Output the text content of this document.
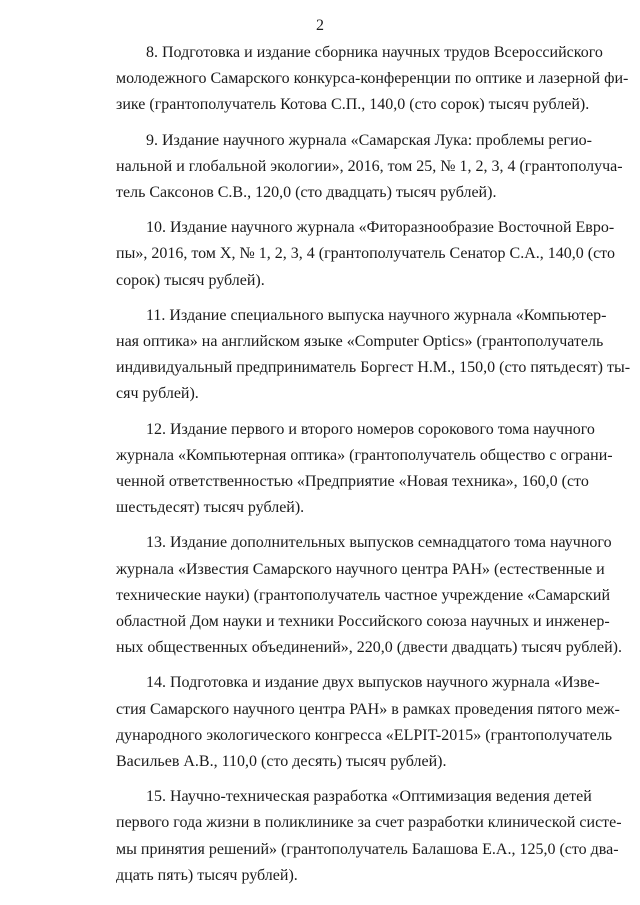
2
8. Подготовка и издание сборника научных трудов Всероссийского
молодежного Самарского конкурса-конференции по оптике и лазерной фи-
зике (грантополучатель Котова С.П., 140,0 (сто сорок) тысяч рублей).
9. Издание научного журнала «Самарская Лука: проблемы регио-
нальной и глобальной экологии», 2016, том 25, № 1, 2, 3, 4 (грантополуча-
тель Саксонов С.В., 120,0 (сто двадцать) тысяч рублей).
10. Издание научного журнала «Фиторазнообразие Восточной Евро-
пы», 2016, том X, № 1, 2, 3, 4 (грантополучатель Сенатор С.А., 140,0 (сто
сорок) тысяч рублей).
11. Издание специального выпуска научного журнала «Компьютер-
ная оптика» на английском языке «Computer Optics» (грантополучатель
индивидуальный предприниматель Боргест Н.М., 150,0 (сто пятьдесят) ты-
сяч рублей).
12. Издание первого и второго номеров сорокового тома научного
журнала «Компьютерная оптика» (грантополучатель общество с ограни-
ченной ответственностью «Предприятие «Новая техника», 160,0 (сто
шестьдесят) тысяч рублей).
13. Издание дополнительных выпусков семнадцатого тома научного
журнала «Известия Самарского научного центра РАН» (естественные и
технические науки) (грантополучатель частное учреждение «Самарский
областной Дом науки и техники Российского союза научных и инженер-
ных общественных объединений», 220,0 (двести двадцать) тысяч рублей).
14. Подготовка и издание двух выпусков научного журнала «Изве-
стия Самарского научного центра РАН» в рамках проведения пятого меж-
дународного экологического конгресса «ELPIT-2015» (грантополучатель
Васильев А.В., 110,0 (сто десять) тысяч рублей).
15. Научно-техническая разработка «Оптимизация ведения детей
первого года жизни в поликлинике за счет разработки клинической систе-
мы принятия решений» (грантополучатель Балашова Е.А., 125,0 (сто два-
дцать пять) тысяч рублей).
